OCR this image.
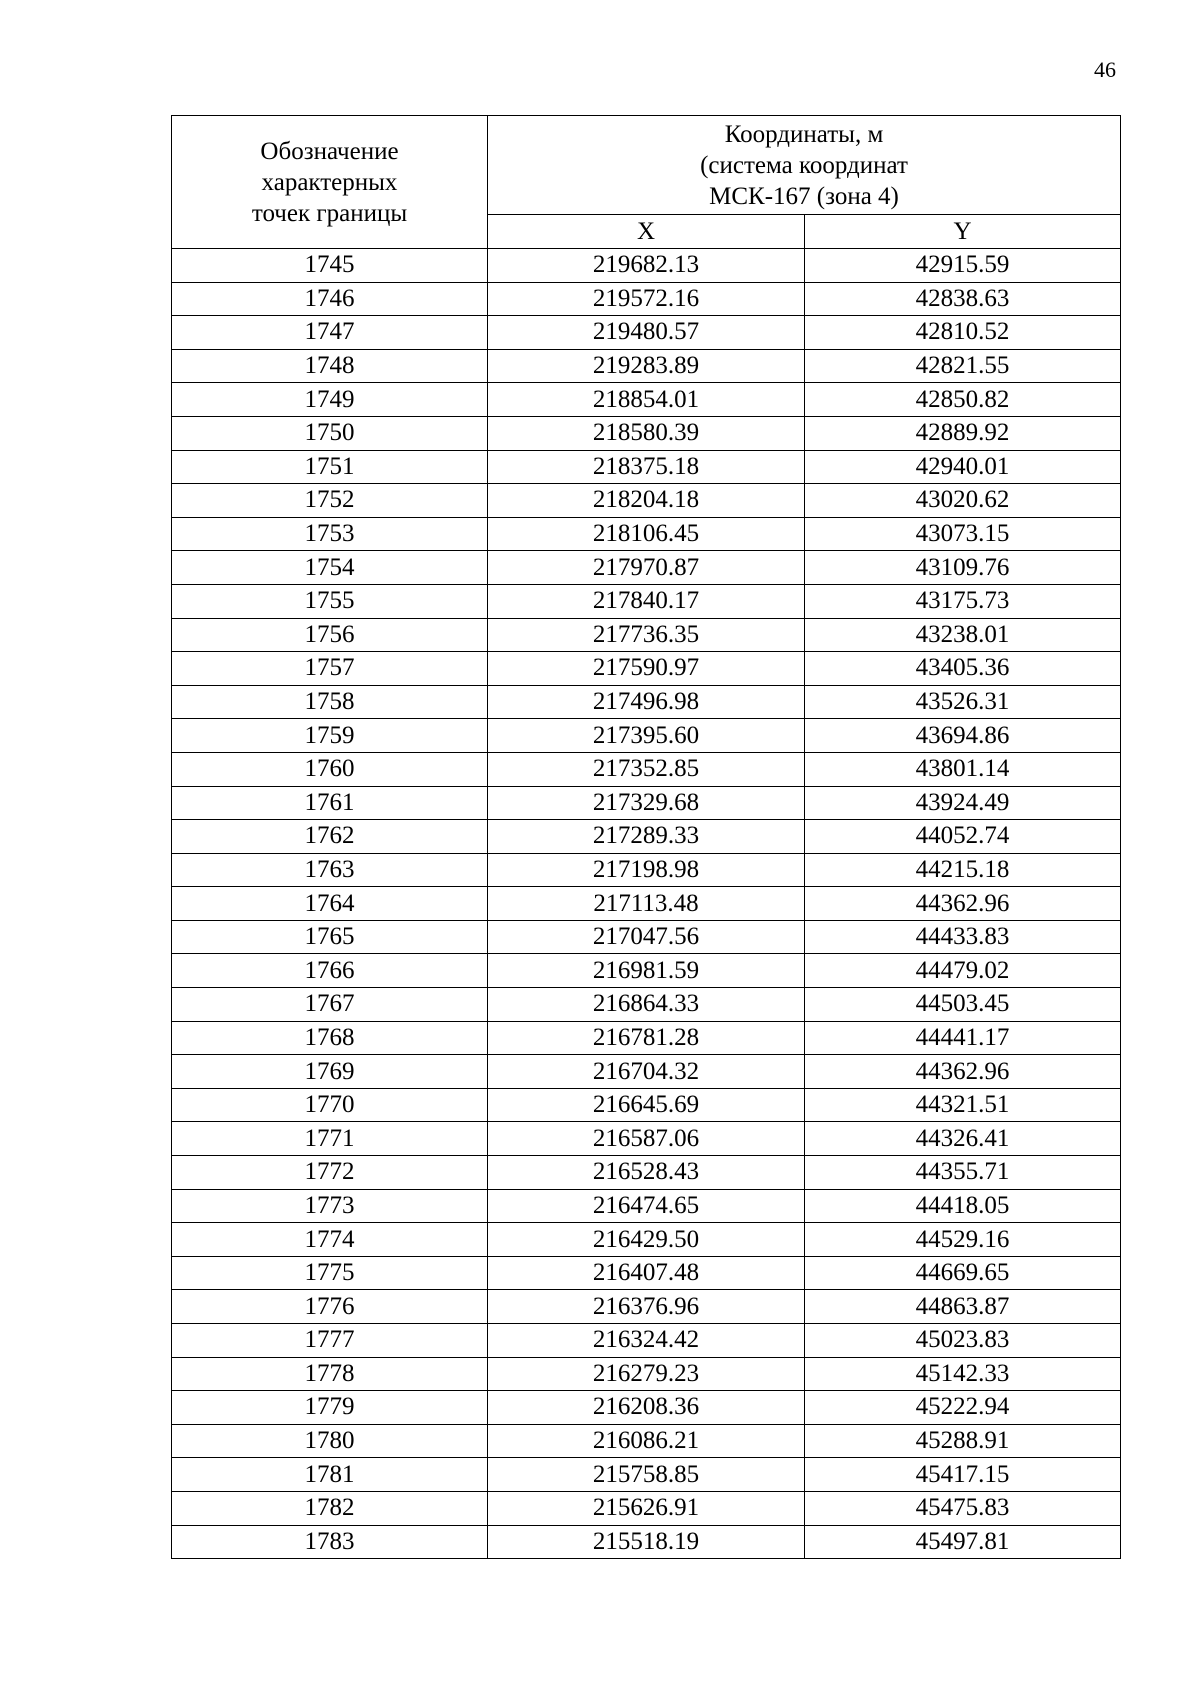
46
Обозначение
характерных
точек границы	Координаты, м
(система координат
МСК-167 (зона 4)	

	X	Y
1745	219682.13	42915.59
1746	219572.16	42838.63
1747	219480.57	42810.52
1748	219283.89	42821.55
1749	218854.01	42850.82
1750	218580.39	42889.92
1751	218375.18	42940.01
1752	218204.18	43020.62
1753	218106.45	43073.15
1754	217970.87	43109.76
1755	217840.17	43175.73
1756	217736.35	43238.01
1757	217590.97	43405.36
1758	217496.98	43526.31
1759	217395.60	43694.86
1760	217352.85	43801.14
1761	217329.68	43924.49
1762	217289.33	44052.74
1763	217198.98	44215.18
1764	217113.48	44362.96
1765	217047.56	44433.83
1766	216981.59	44479.02
1767	216864.33	44503.45
1768	216781.28	44441.17
1769	216704.32	44362.96
1770	216645.69	44321.51
1771	216587.06	44326.41
1772	216528.43	44355.71
1773	216474.65	44418.05
1774	216429.50	44529.16
1775	216407.48	44669.65
1776	216376.96	44863.87
1777	216324.42	45023.83
1778	216279.23	45142.33
1779	216208.36	45222.94
1780	216086.21	45288.91
1781	215758.85	45417.15
1782	215626.91	45475.83
1783	215518.19	45497.81
